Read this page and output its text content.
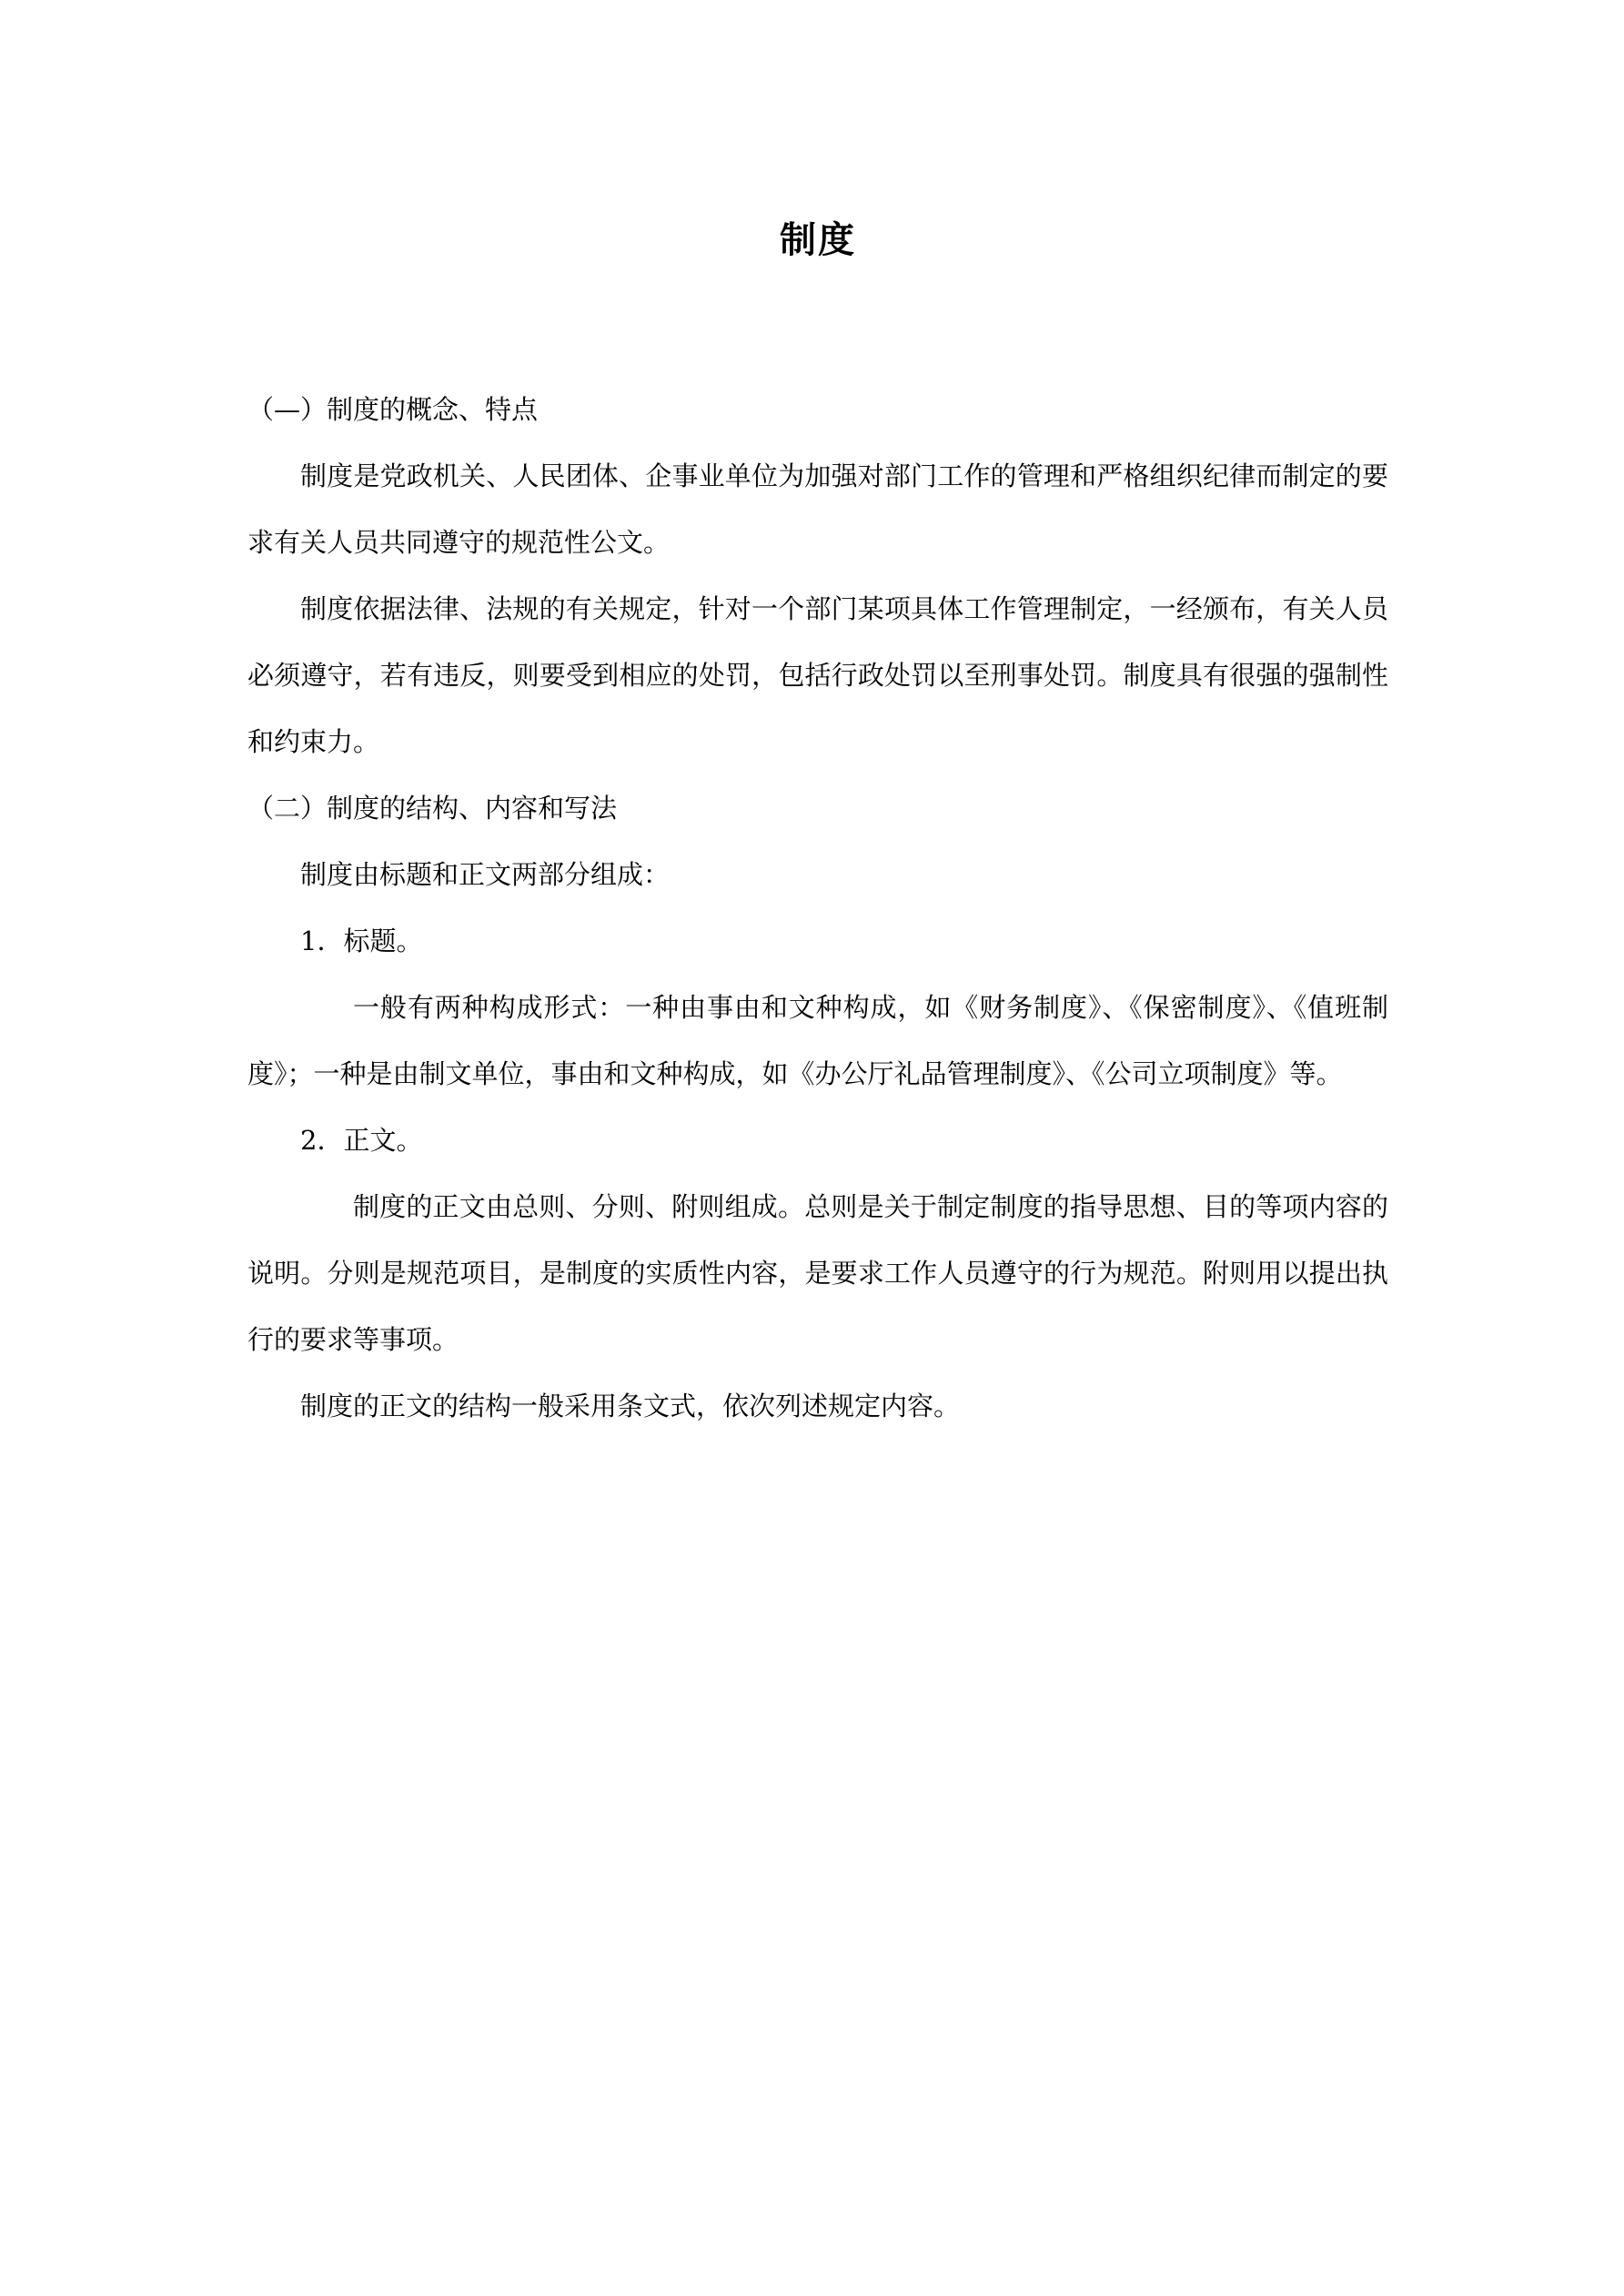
制度

（—）制度的概念、特点

制度是党政机关、人民团体、企事业单位为加强对部门工作的管理和严格组织纪律而制定的要求有关人员共同遵守的规范性公文。

制度依据法律、法规的有关规定，针对一个部门某项具体工作管理制定，一经颁布，有关人员必须遵守，若有违反，则要受到相应的处罚，包括行政处罚以至刑事处罚。制度具有很强的强制性和约束力。

（二）制度的结构、内容和写法

制度由标题和正文两部分组成：

1．标题。

一般有两种构成形式：一种由事由和文种构成，如《财务制度》、《保密制度》、《值班制度》；一种是由制文单位，事由和文种构成，如《办公厅礼品管理制度》、《公司立项制度》等。

2．正文。

制度的正文由总则、分则、附则组成。总则是关于制定制度的指导思想、目的等项内容的说明。分则是规范项目，是制度的实质性内容，是要求工作人员遵守的行为规范。附则用以提出执行的要求等事项。

制度的正文的结构一般采用条文式，依次列述规定内容。
